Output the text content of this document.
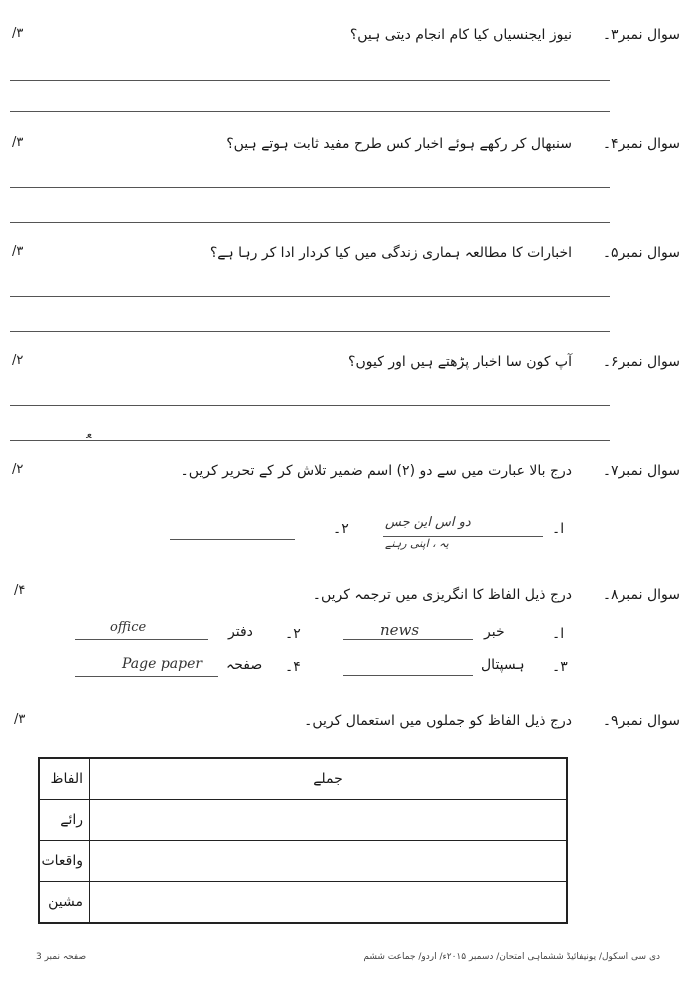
/۳	سوال نمبر۳۔
نیوز ایجنسیاں کیا کام انجام دیتی ہیں؟
/۳	سوال نمبر۴۔
سنبھال کر رکھے ہوئے اخبار کس طرح مفید ثابت ہوتے ہیں؟
/۳	سوال نمبر۵۔
اخبارات کا مطالعہ ہماری زندگی میں کیا کردار ادا کر رہا ہے؟
/۲	سوال نمبر۶۔
آپ کون سا اخبار پڑھتے ہیں اور کیوں؟
ﻌ
/۲	سوال نمبر۷۔
درج بالا عبارت میں سے دو (۲) اسم ضمیر تلاش کر کے تحریر کریں۔
ا۔
دو اس این جس
یہ ، اپنی رہنے
۲۔
/۴	سوال نمبر۸۔
درج ذیل الفاظ کا انگریزی میں ترجمہ کریں۔
ا۔
خبر
news
۲۔
دفتر
office
۳۔
ہسپتال
۴۔
صفحہ
Page paper
/۳	سوال نمبر۹۔
درج ذیل الفاظ کو جملوں میں استعمال کریں۔
الفاظ	جملے
رائے	
واقعات	
مشین	
صفحہ نمبر 3	دی سی اسکول/ یونیفائیڈ ششماہی امتحان/ دسمبر ۲۰۱۵ء/ اردو/ جماعت ششم
